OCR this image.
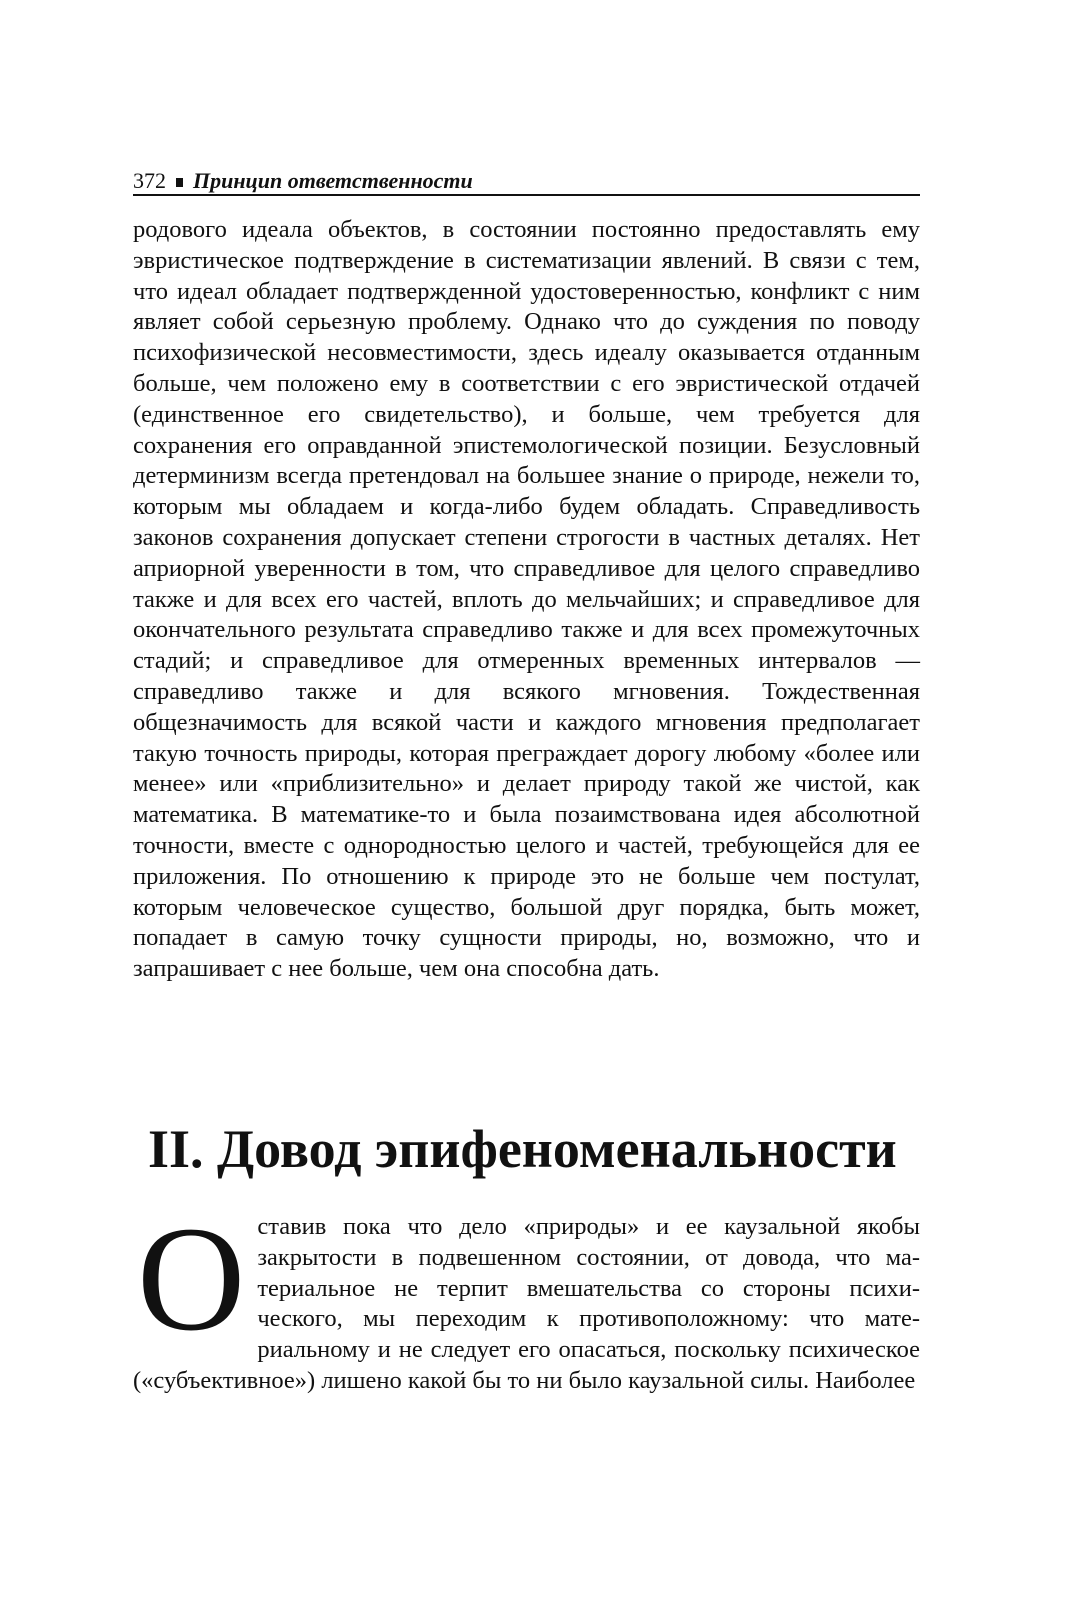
372 Принцип ответственности

родового идеала объектов, в состоянии постоянно предоставлять ему эвристическое подтверждение в систематизации явлений. В связи с тем, что идеал обладает подтвержденной удостоверенностью, конфликт с ним являет собой серьезную проблему. Однако что до суждения по поводу психофизической несовместимости, здесь идеалу оказывается отданным больше, чем положено ему в соответствии с его эвристической отдачей (единственное его свидетельство), и больше, чем требуется для сохранения его оправданной эпистемологической позиции. Безусловный детерминизм всегда претендовал на большее знание о природе, нежели то, которым мы обладаем и когда-либо будем обладать. Справедливость законов сохранения допускает степени строгости в частных деталях. Нет априорной уверенности в том, что справедливое для целого справедливо также и для всех его частей, вплоть до мельчайших; и справедливое для окончательного результата справедливо также и для всех промежуточных стадий; и справедливое для отмеренных временных интервалов — справедливо также и для всякого мгновения. Тождественная общезначимость для всякой части и каждого мгновения предполагает такую точность природы, которая преграждает дорогу любому «более или менее» или «приблизительно» и делает природу такой же чистой, как математика. В математике-то и была позаимствована идея абсолютной точности, вместе с однородностью целого и частей, требующейся для ее приложения. По отношению к природе это не больше чем постулат, которым человеческое существо, большой друг порядка, быть может, попадает в самую точку сущности природы, но, возможно, что и запрашивает с нее больше, чем она способна дать.

II. Довод эпифеноменальности
О ставив пока что дело «природы» и ее каузальной якобы закрытости в подвешенном состоянии, от довода, что материальное не терпит вмешательства со стороны психического, мы переходим к противоположному: что материальному и не следует его опасаться, поскольку психическое («субъективное») лишено какой бы то ни было каузальной силы. Наиболее
